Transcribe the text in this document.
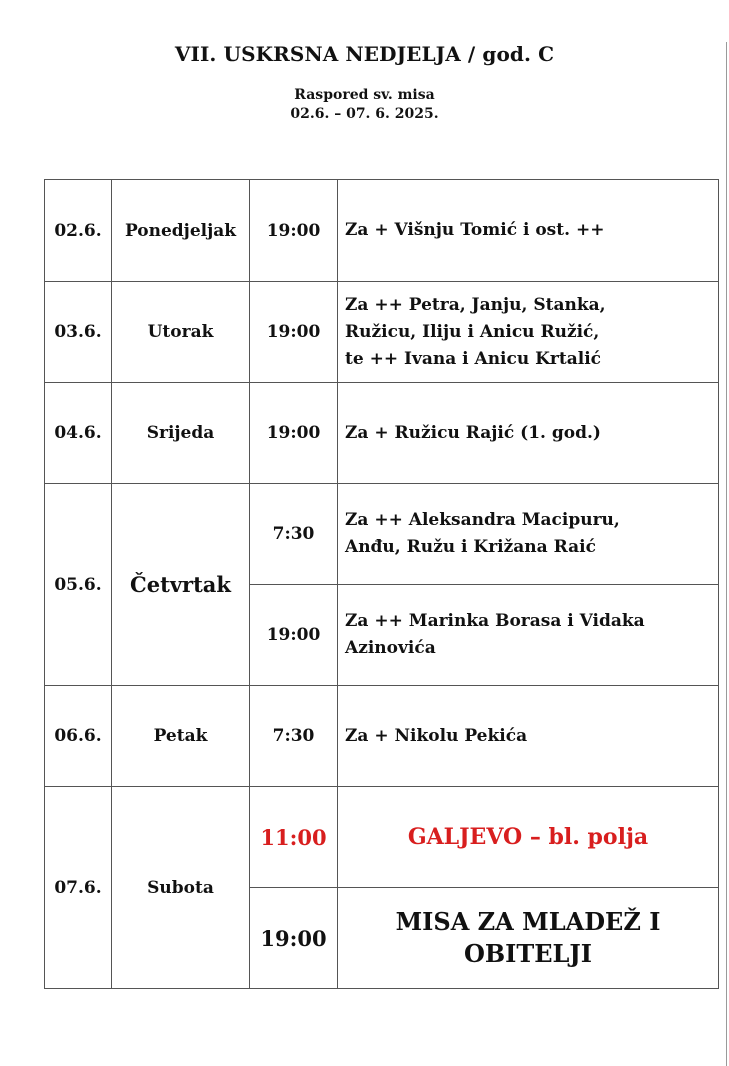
VII. USKRSNA NEDJELJA / god. C
Raspored sv. misa
02.6. – 07. 6. 2025.
02.6.	Ponedjeljak	19:00	Za + Višnju Tomić i ost. ++
03.6.	Utorak	19:00	Za ++ Petra, Janju, Stanka,
Ružicu, Iliju i Anicu Ružić,
te ++ Ivana i Anicu Krtalić
04.6.	Srijeda	19:00	Za + Ružicu Rajić (1. god.)
05.6.	Četvrtak	7:30	Za ++ Aleksandra Macipuru,
Anđu, Ružu i Križana Raić
		19:00	Za ++ Marinka Borasa i Vidaka
Azinovića
06.6.	Petak	7:30	Za + Nikolu Pekića
07.6.	Subota	11:00	GALJEVO – bl. polja
		19:00	MISA ZA MLADEŽ I
OBITELJI
